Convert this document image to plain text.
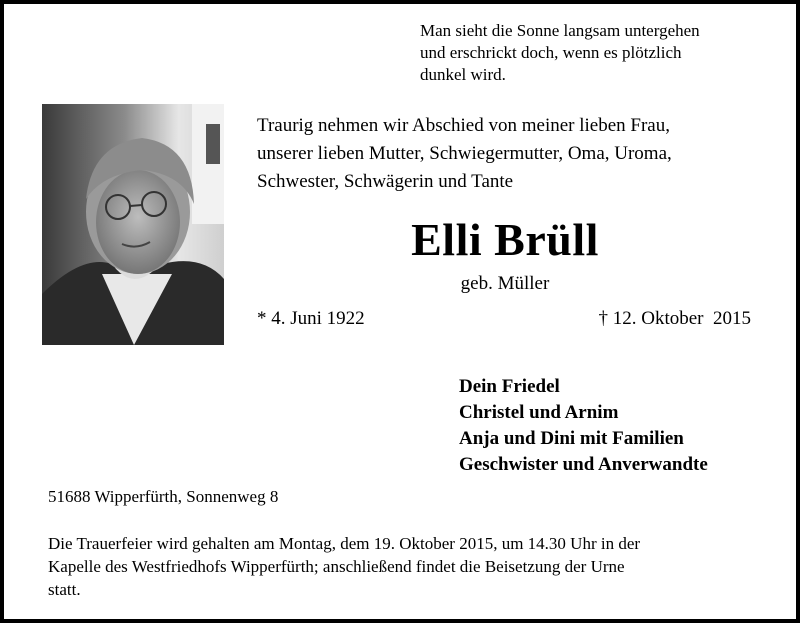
Man sieht die Sonne langsam untergehen
und erschrickt doch, wenn es plötzlich
dunkel wird.
Traurig nehmen wir Abschied von meiner lieben Frau,
unserer lieben Mutter, Schwiegermutter, Oma, Uroma,
Schwester, Schwägerin und Tante
Elli Brüll
geb. Müller
* 4. Juni 1922	† 12. Oktober  2015
Dein Friedel
Christel und Arnim
Anja und Dini mit Familien
Geschwister und Anverwandte
51688 Wipperfürth, Sonnenweg 8
Die Trauerfeier wird gehalten am Montag, dem 19. Oktober 2015, um 14.30 Uhr in der
Kapelle des Westfriedhofs Wipperfürth; anschließend findet die Beisetzung der Urne
statt.
